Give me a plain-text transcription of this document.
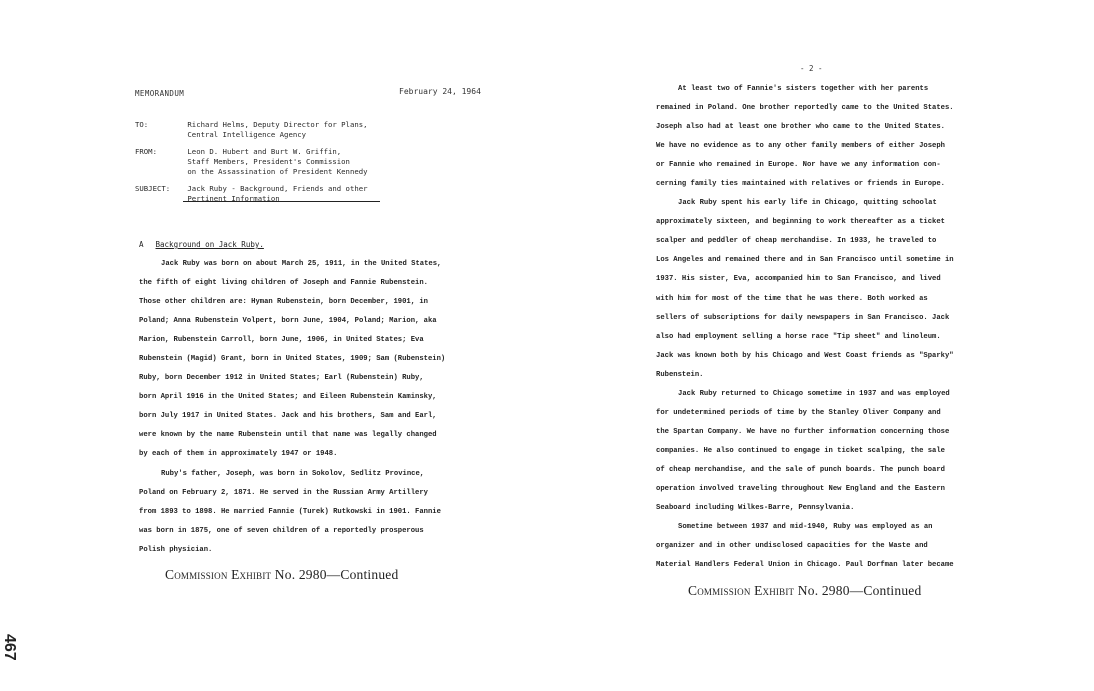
MEMORANDUM	February 24, 1964
TO:	Richard Helms, Deputy Director for Plans,
Central Intelligence Agency
FROM:	Leon D. Hubert and Burt W. Griffin,
Staff Members, President's Commission
on the Assassination of President Kennedy
SUBJECT: Jack Ruby - Background, Friends and other
Pertinent Information
A Background on Jack Ruby.
Jack Ruby was born on about March 25, 1911, in the United States,
the fifth of eight living children of Joseph and Fannie Rubenstein.
Those other children are: Hyman Rubenstein, born December, 1901, in
Poland; Anna Rubenstein Volpert, born June, 1904, Poland; Marion, aka
Marion, Rubenstein Carroll, born June, 1906, in United States; Eva
Rubenstein (Magid) Grant, born in United States, 1909; Sam (Rubenstein)
Ruby, born December 1912 in United States; Earl (Rubenstein) Ruby,
born April 1916 in the United States; and Eileen Rubenstein Kaminsky,
born July 1917 in United States. Jack and his brothers, Sam and Earl,
were known by the name Rubenstein until that name was legally changed
by each of them in approximately 1947 or 1948.
Ruby's father, Joseph, was born in Sokolov, Sedlitz Province,
Poland on February 2, 1871. He served in the Russian Army Artillery
from 1893 to 1898. He married Fannie (Turek) Rutkowski in 1901. Fannie
was born in 1875, one of seven children of a reportedly prosperous
Polish physician.
Commission Exhibit No. 2980—Continued
467
- 2 -
At least two of Fannie's sisters together with her parents
remained in Poland. One brother reportedly came to the United States.
Joseph also had at least one brother who came to the United States.
We have no evidence as to any other family members of either Joseph
or Fannie who remained in Europe. Nor have we any information con-
cerning family ties maintained with relatives or friends in Europe.
Jack Ruby spent his early life in Chicago, quitting schoolat
approximately sixteen, and beginning to work thereafter as a ticket
scalper and peddler of cheap merchandise. In 1933, he traveled to
Los Angeles and remained there and in San Francisco until sometime in
1937. His sister, Eva, accompanied him to San Francisco, and lived
with him for most of the time that he was there. Both worked as
sellers of subscriptions for daily newspapers in San Francisco. Jack
also had employment selling a horse race "Tip sheet" and linoleum.
Jack was known both by his Chicago and West Coast friends as "Sparky"
Rubenstein.
Jack Ruby returned to Chicago sometime in 1937 and was employed
for undetermined periods of time by the Stanley Oliver Company and
the Spartan Company. We have no further information concerning those
companies. He also continued to engage in ticket scalping, the sale
of cheap merchandise, and the sale of punch boards. The punch board
operation involved traveling throughout New England and the Eastern
Seaboard including Wilkes-Barre, Pennsylvania.
Sometime between 1937 and mid-1940, Ruby was employed as an
organizer and in other undisclosed capacities for the Waste and
Material Handlers Federal Union in Chicago. Paul Dorfman later became
Commission Exhibit No. 2980—Continued
